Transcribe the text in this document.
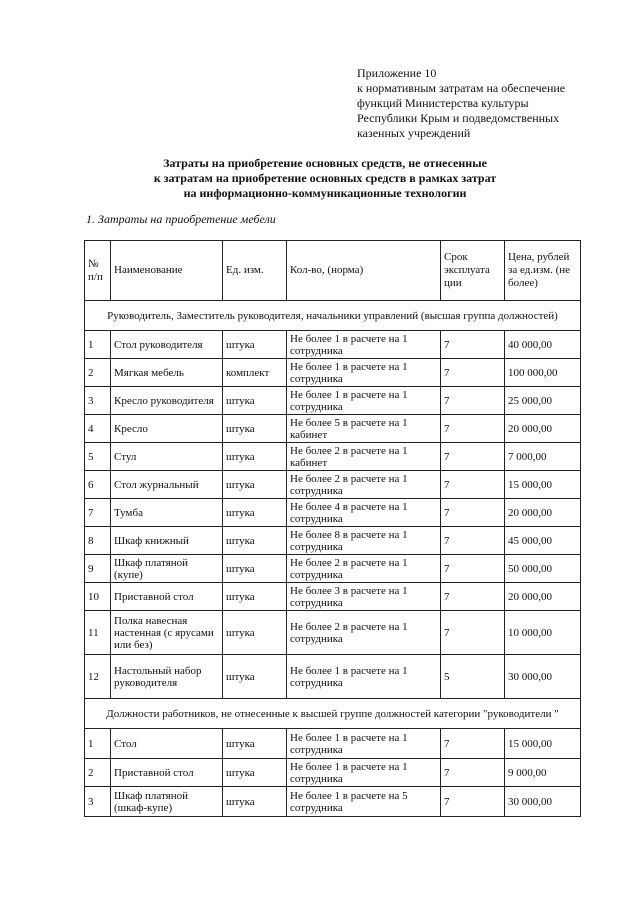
Приложение 10
к нормативным затратам на обеспечение
функций Министерства культуры
Республики Крым и подведомственных
казенных учреждений
Затраты на приобретение основных средств, не отнесенные
к затратам на приобретение основных средств в рамках затрат
на информационно-коммуникационные технологии
1. Затраты на приобретение мебели
№ п/п	Наименование	Ед. изм.	Кол-во, (норма)	Срок эксплуата ции	Цена, рублей за ед.изм. (не более)
Руководитель, Заместитель руководителя, начальники управлений (высшая группа должностей)					
1	Стол руководителя	штука	Не более 1 в расчете на 1 сотрудника	7	40 000,00
2	Мягкая мебель	комплект	Не более 1 в расчете на 1 сотрудника	7	100 000,00
3	Кресло руководителя	штука	Не более 1 в расчете на 1 сотрудника	7	25 000,00
4	Кресло	штука	Не более 5 в расчете на 1 кабинет	7	20 000,00
5	Стул	штука	Не более 2 в расчете на 1 кабинет	7	7 000,00
6	Стол журнальный	штука	Не более 2 в расчете на 1 сотрудника	7	15 000,00
7	Тумба	штука	Не более 4 в расчете на 1 сотрудника	7	20 000,00
8	Шкаф книжный	штука	Не более 8 в расчете на 1 сотрудника	7	45 000,00
9	Шкаф платяной (купе)	штука	Не более 2 в расчете на 1 сотрудника	7	50 000,00
10	Приставной стол	штука	Не более 3 в расчете на 1 сотрудника	7	20 000,00
11	Полка навесная настенная (с ярусами или без)	штука	Не более 2 в расчете на 1 сотрудника	7	10 000,00
12	Настольный набор руководителя	штука	Не более 1 в расчете на 1 сотрудника	5	30 000,00
Должности работников, не отнесенные к высшей группе должностей категории "руководители "					
1	Стол	штука	Не более 1 в расчете на 1 сотрудника	7	15 000,00
2	Приставной стол	штука	Не более 1 в расчете на 1 сотрудника	7	9 000,00
3	Шкаф платяной (шкаф-купе)	штука	Не более 1 в расчете на 5 сотрудника	7	30 000,00
